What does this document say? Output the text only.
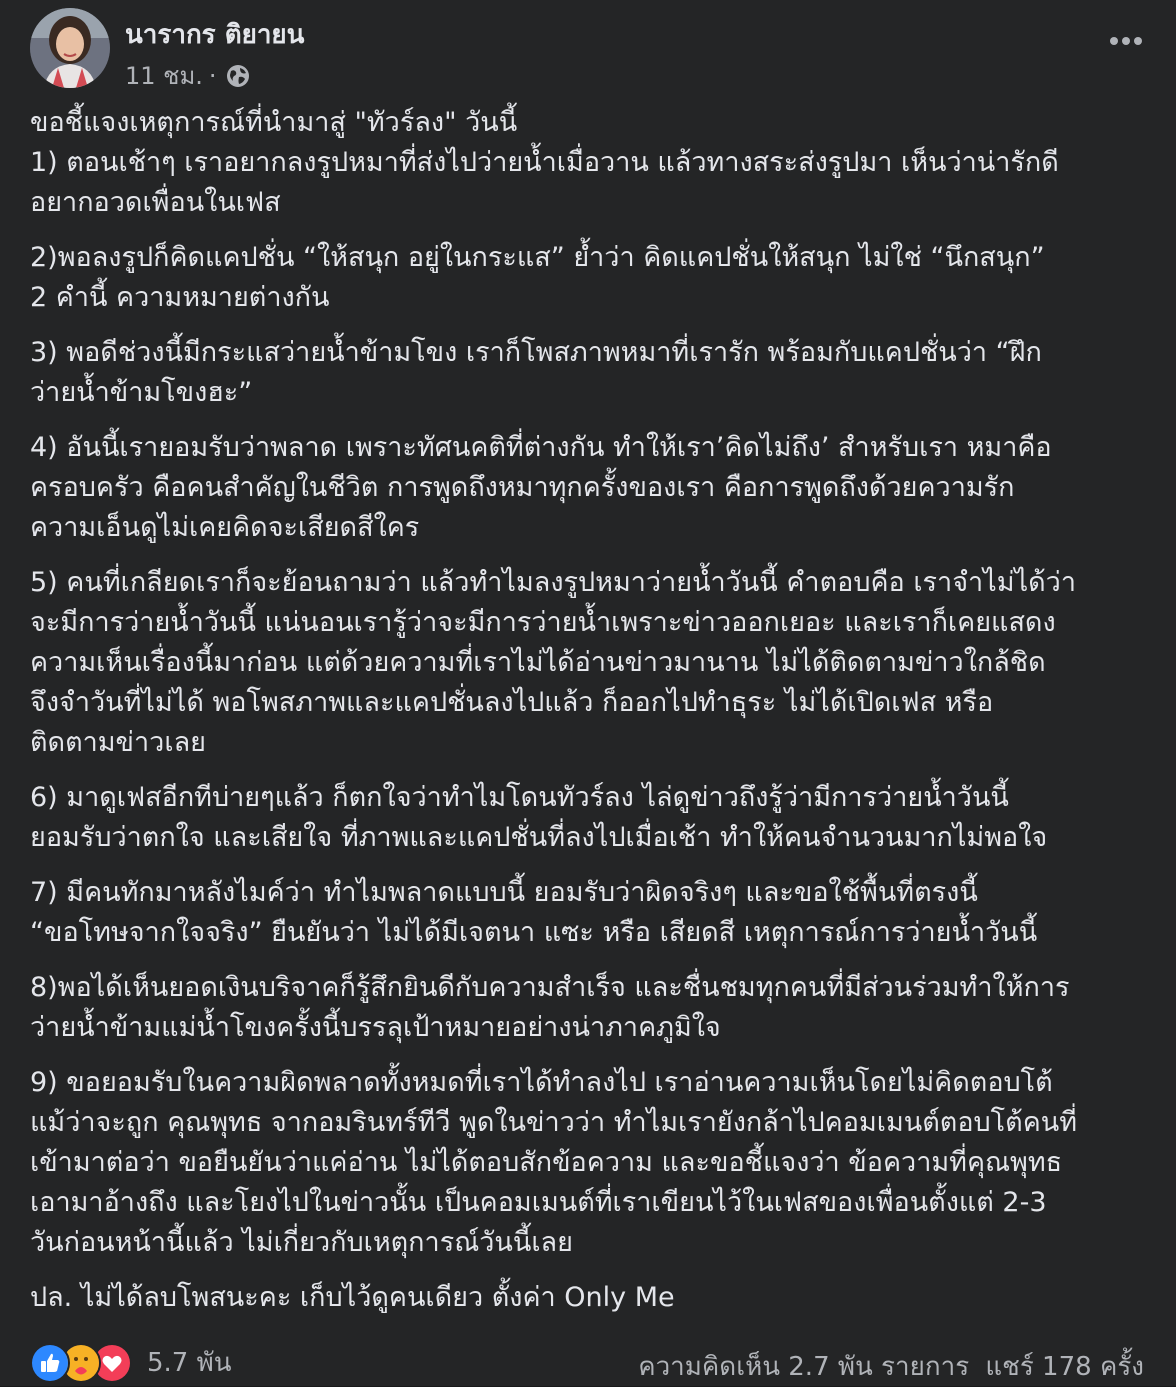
นารากร ติยายน
11 ชม. ·

ขอชี้แจงเหตุการณ์ที่นำมาสู่ "ทัวร์ลง" วันนี้
1) ตอนเช้าๆ เราอยากลงรูปหมาที่ส่งไปว่ายน้ำเมื่อวาน แล้วทางสระส่งรูปมา เห็นว่าน่ารักดี
อยากอวดเพื่อนในเฟส

2)พอลงรูปก็คิดแคปชั่น “ให้สนุก อยู่ในกระแส” ย้ำว่า คิดแคปชั่นให้สนุก ไม่ใช่ “นึกสนุก”
2 คำนี้ ความหมายต่างกัน

3) พอดีช่วงนี้มีกระแสว่ายน้ำข้ามโขง เราก็โพสภาพหมาที่เรารัก พร้อมกับแคปชั่นว่า “ฝึก
ว่ายน้ำข้ามโขงฮะ”

4) อันนี้เรายอมรับว่าพลาด เพราะทัศนคติที่ต่างกัน ทำให้เรา’คิดไม่ถึง’ สำหรับเรา หมาคือ
ครอบครัว คือคนสำคัญในชีวิต การพูดถึงหมาทุกครั้งของเรา คือการพูดถึงด้วยความรัก
ความเอ็นดูไม่เคยคิดจะเสียดสีใคร

5) คนที่เกลียดเราก็จะย้อนถามว่า แล้วทำไมลงรูปหมาว่ายน้ำวันนี้ คำตอบคือ เราจำไม่ได้ว่า
จะมีการว่ายน้ำวันนี้ แน่นอนเรารู้ว่าจะมีการว่ายน้ำเพราะข่าวออกเยอะ และเราก็เคยแสดง
ความเห็นเรื่องนี้มาก่อน แต่ด้วยความที่เราไม่ได้อ่านข่าวมานาน ไม่ได้ติดตามข่าวใกล้ชิด
จึงจำวันที่ไม่ได้ พอโพสภาพและแคปชั่นลงไปแล้ว ก็ออกไปทำธุระ ไม่ได้เปิดเฟส หรือ
ติดตามข่าวเลย

6) มาดูเฟสอีกทีบ่ายๆแล้ว ก็ตกใจว่าทำไมโดนทัวร์ลง ไล่ดูข่าวถึงรู้ว่ามีการว่ายน้ำวันนี้
ยอมรับว่าตกใจ และเสียใจ ที่ภาพและแคปชั่นที่ลงไปเมื่อเช้า ทำให้คนจำนวนมากไม่พอใจ

7) มีคนทักมาหลังไมค์ว่า ทำไมพลาดแบบนี้ ยอมรับว่าผิดจริงๆ และขอใช้พื้นที่ตรงนี้
“ขอโทษจากใจจริง” ยืนยันว่า ไม่ได้มีเจตนา แซะ หรือ เสียดสี เหตุการณ์การว่ายน้ำวันนี้

8)พอได้เห็นยอดเงินบริจาคก็รู้สึกยินดีกับความสำเร็จ และชื่นชมทุกคนที่มีส่วนร่วมทำให้การ
ว่ายน้ำข้ามแม่น้ำโขงครั้งนี้บรรลุเป้าหมายอย่างน่าภาคภูมิใจ

9) ขอยอมรับในความผิดพลาดทั้งหมดที่เราได้ทำลงไป เราอ่านความเห็นโดยไม่คิดตอบโต้
แม้ว่าจะถูก คุณพุทธ จากอมรินทร์ทีวี พูดในข่าวว่า ทำไมเรายังกล้าไปคอมเมนต์ตอบโต้คนที่
เข้ามาต่อว่า ขอยืนยันว่าแค่อ่าน ไม่ได้ตอบสักข้อความ และขอชี้แจงว่า ข้อความที่คุณพุทธ
เอามาอ้างถึง และโยงไปในข่าวนั้น เป็นคอมเมนต์ที่เราเขียนไว้ในเฟสของเพื่อนตั้งแต่ 2-3
วันก่อนหน้านี้แล้ว ไม่เกี่ยวกับเหตุการณ์วันนี้เลย

ปล. ไม่ได้ลบโพสนะคะ เก็บไว้ดูคนเดียว ตั้งค่า Only Me

5.7 พัน	ความคิดเห็น 2.7 พัน รายการ แชร์ 178 ครั้ง
